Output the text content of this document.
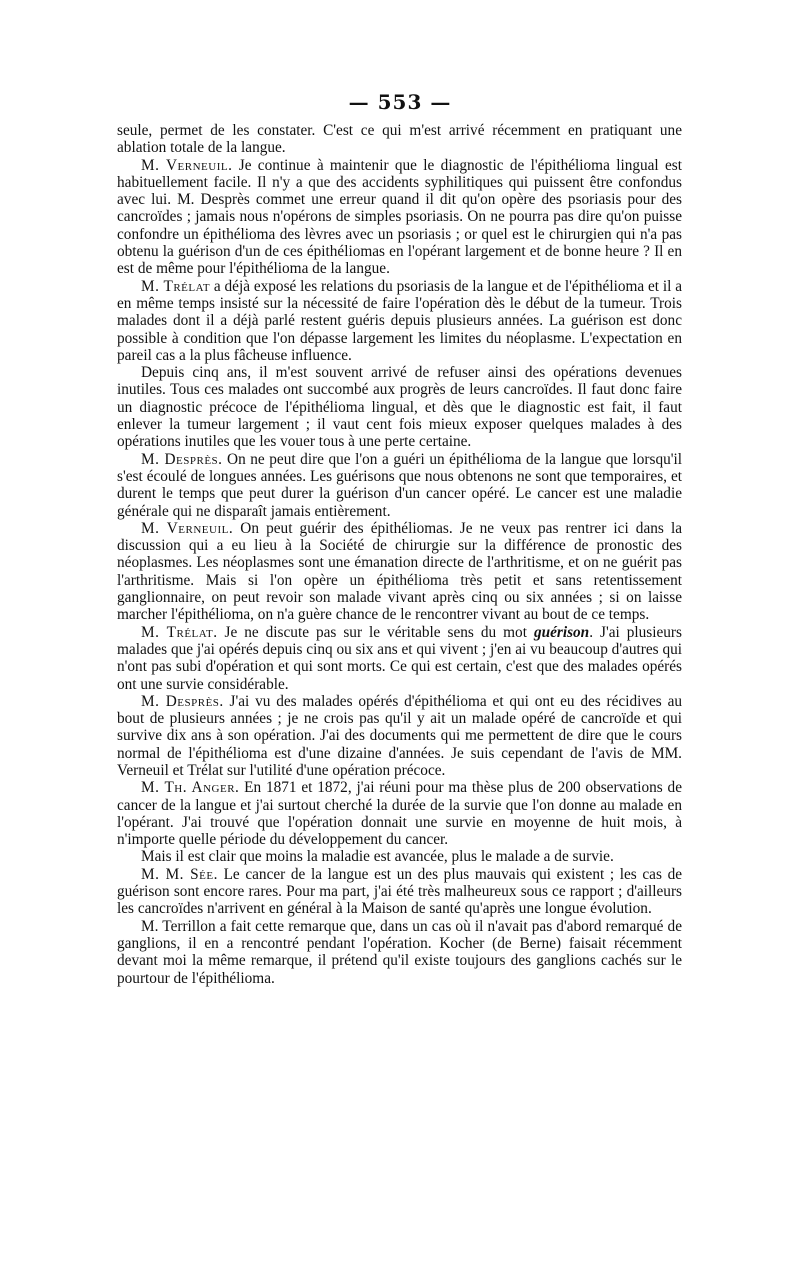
— 553 —

seule, permet de les constater. C'est ce qui m'est arrivé récemment en pratiquant une ablation totale de la langue.

M. Verneuil. Je continue à maintenir que le diagnostic de l'épithélioma lingual est habituellement facile. Il n'y a que des accidents syphilitiques qui puissent être confondus avec lui. M. Desprès commet une erreur quand il dit qu'on opère des psoriasis pour des cancroïdes ; jamais nous n'opérons de simples psoriasis. On ne pourra pas dire qu'on puisse confondre un épithélioma des lèvres avec un psoriasis ; or quel est le chirurgien qui n'a pas obtenu la guérison d'un de ces épithéliomas en l'opérant largement et de bonne heure ? Il en est de même pour l'épithélioma de la langue.

M. Trélat a déjà exposé les relations du psoriasis de la langue et de l'épithélioma et il a en même temps insisté sur la nécessité de faire l'opération dès le début de la tumeur. Trois malades dont il a déjà parlé restent guéris depuis plusieurs années. La guérison est donc possible à condition que l'on dépasse largement les limites du néoplasme. L'expectation en pareil cas a la plus fâcheuse influence.

Depuis cinq ans, il m'est souvent arrivé de refuser ainsi des opérations devenues inutiles. Tous ces malades ont succombé aux progrès de leurs cancroïdes. Il faut donc faire un diagnostic précoce de l'épithélioma lingual, et dès que le diagnostic est fait, il faut enlever la tumeur largement ; il vaut cent fois mieux exposer quelques malades à des opérations inutiles que les vouer tous à une perte certaine.

M. Desprès. On ne peut dire que l'on a guéri un épithélioma de la langue que lorsqu'il s'est écoulé de longues années. Les guérisons que nous obtenons ne sont que temporaires, et durent le temps que peut durer la guérison d'un cancer opéré. Le cancer est une maladie générale qui ne disparaît jamais entièrement.

M. Verneuil. On peut guérir des épithéliomas. Je ne veux pas rentrer ici dans la discussion qui a eu lieu à la Société de chirurgie sur la différence de pronostic des néoplasmes. Les néoplasmes sont une émanation directe de l'arthritisme, et on ne guérit pas l'arthritisme. Mais si l'on opère un épithélioma très petit et sans retentissement ganglionnaire, on peut revoir son malade vivant après cinq ou six années ; si on laisse marcher l'épithélioma, on n'a guère chance de le rencontrer vivant au bout de ce temps.

M. Trélat. Je ne discute pas sur le véritable sens du mot guérison. J'ai plusieurs malades que j'ai opérés depuis cinq ou six ans et qui vivent ; j'en ai vu beaucoup d'autres qui n'ont pas subi d'opération et qui sont morts. Ce qui est certain, c'est que des malades opérés ont une survie considérable.

M. Desprès. J'ai vu des malades opérés d'épithélioma et qui ont eu des récidives au bout de plusieurs années ; je ne crois pas qu'il y ait un malade opéré de cancroïde et qui survive dix ans à son opération. J'ai des documents qui me permettent de dire que le cours normal de l'épithélioma est d'une dizaine d'années. Je suis cependant de l'avis de MM. Verneuil et Trélat sur l'utilité d'une opération précoce.

M. Th. Anger. En 1871 et 1872, j'ai réuni pour ma thèse plus de 200 observations de cancer de la langue et j'ai surtout cherché la durée de la survie que l'on donne au malade en l'opérant. J'ai trouvé que l'opération donnait une survie en moyenne de huit mois, à n'importe quelle période du développement du cancer.

Mais il est clair que moins la maladie est avancée, plus le malade a de survie.

M. M. Sée. Le cancer de la langue est un des plus mauvais qui existent ; les cas de guérison sont encore rares. Pour ma part, j'ai été très malheureux sous ce rapport ; d'ailleurs les cancroïdes n'arrivent en général à la Maison de santé qu'après une longue évolution.

M. Terrillon a fait cette remarque que, dans un cas où il n'avait pas d'abord remarqué de ganglions, il en a rencontré pendant l'opération. Kocher (de Berne) faisait récemment devant moi la même remarque, il prétend qu'il existe toujours des ganglions cachés sur le pourtour de l'épithélioma.
